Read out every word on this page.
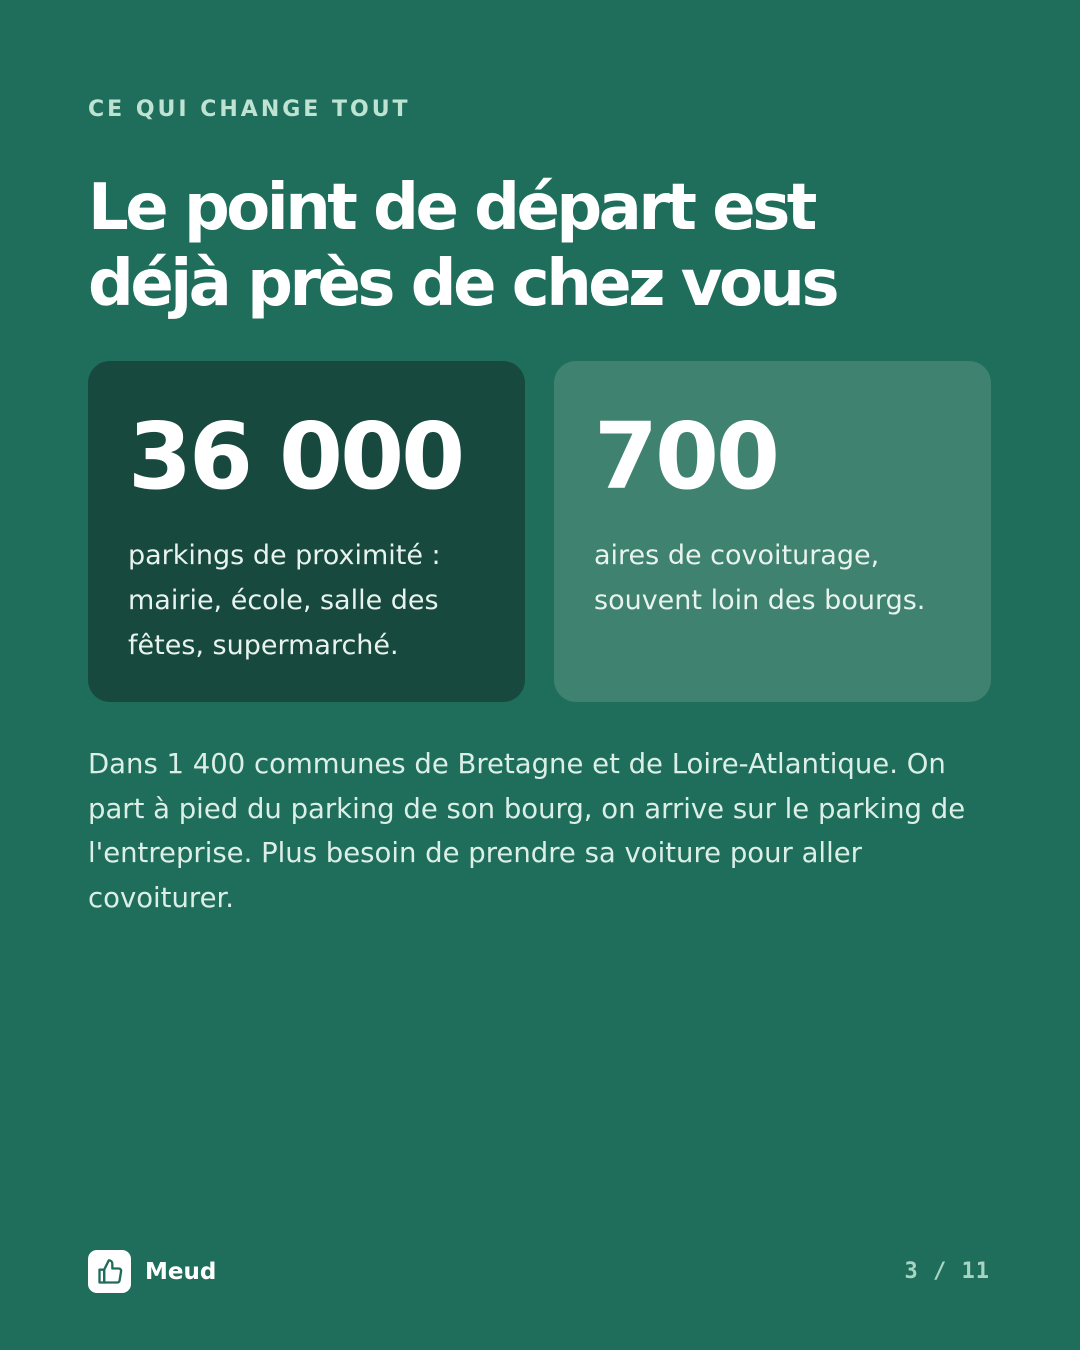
CE QUI CHANGE TOUT
Le point de départ est
déjà près de chez vous
36 000
parkings de proximité :
mairie, école, salle des
fêtes, supermarché.
700
aires de covoiturage,
souvent loin des bourgs.
Dans 1 400 communes de Bretagne et de Loire-Atlantique. On
part à pied du parking de son bourg, on arrive sur le parking de
l'entreprise. Plus besoin de prendre sa voiture pour aller
covoiturer.
Meud	3 / 11
